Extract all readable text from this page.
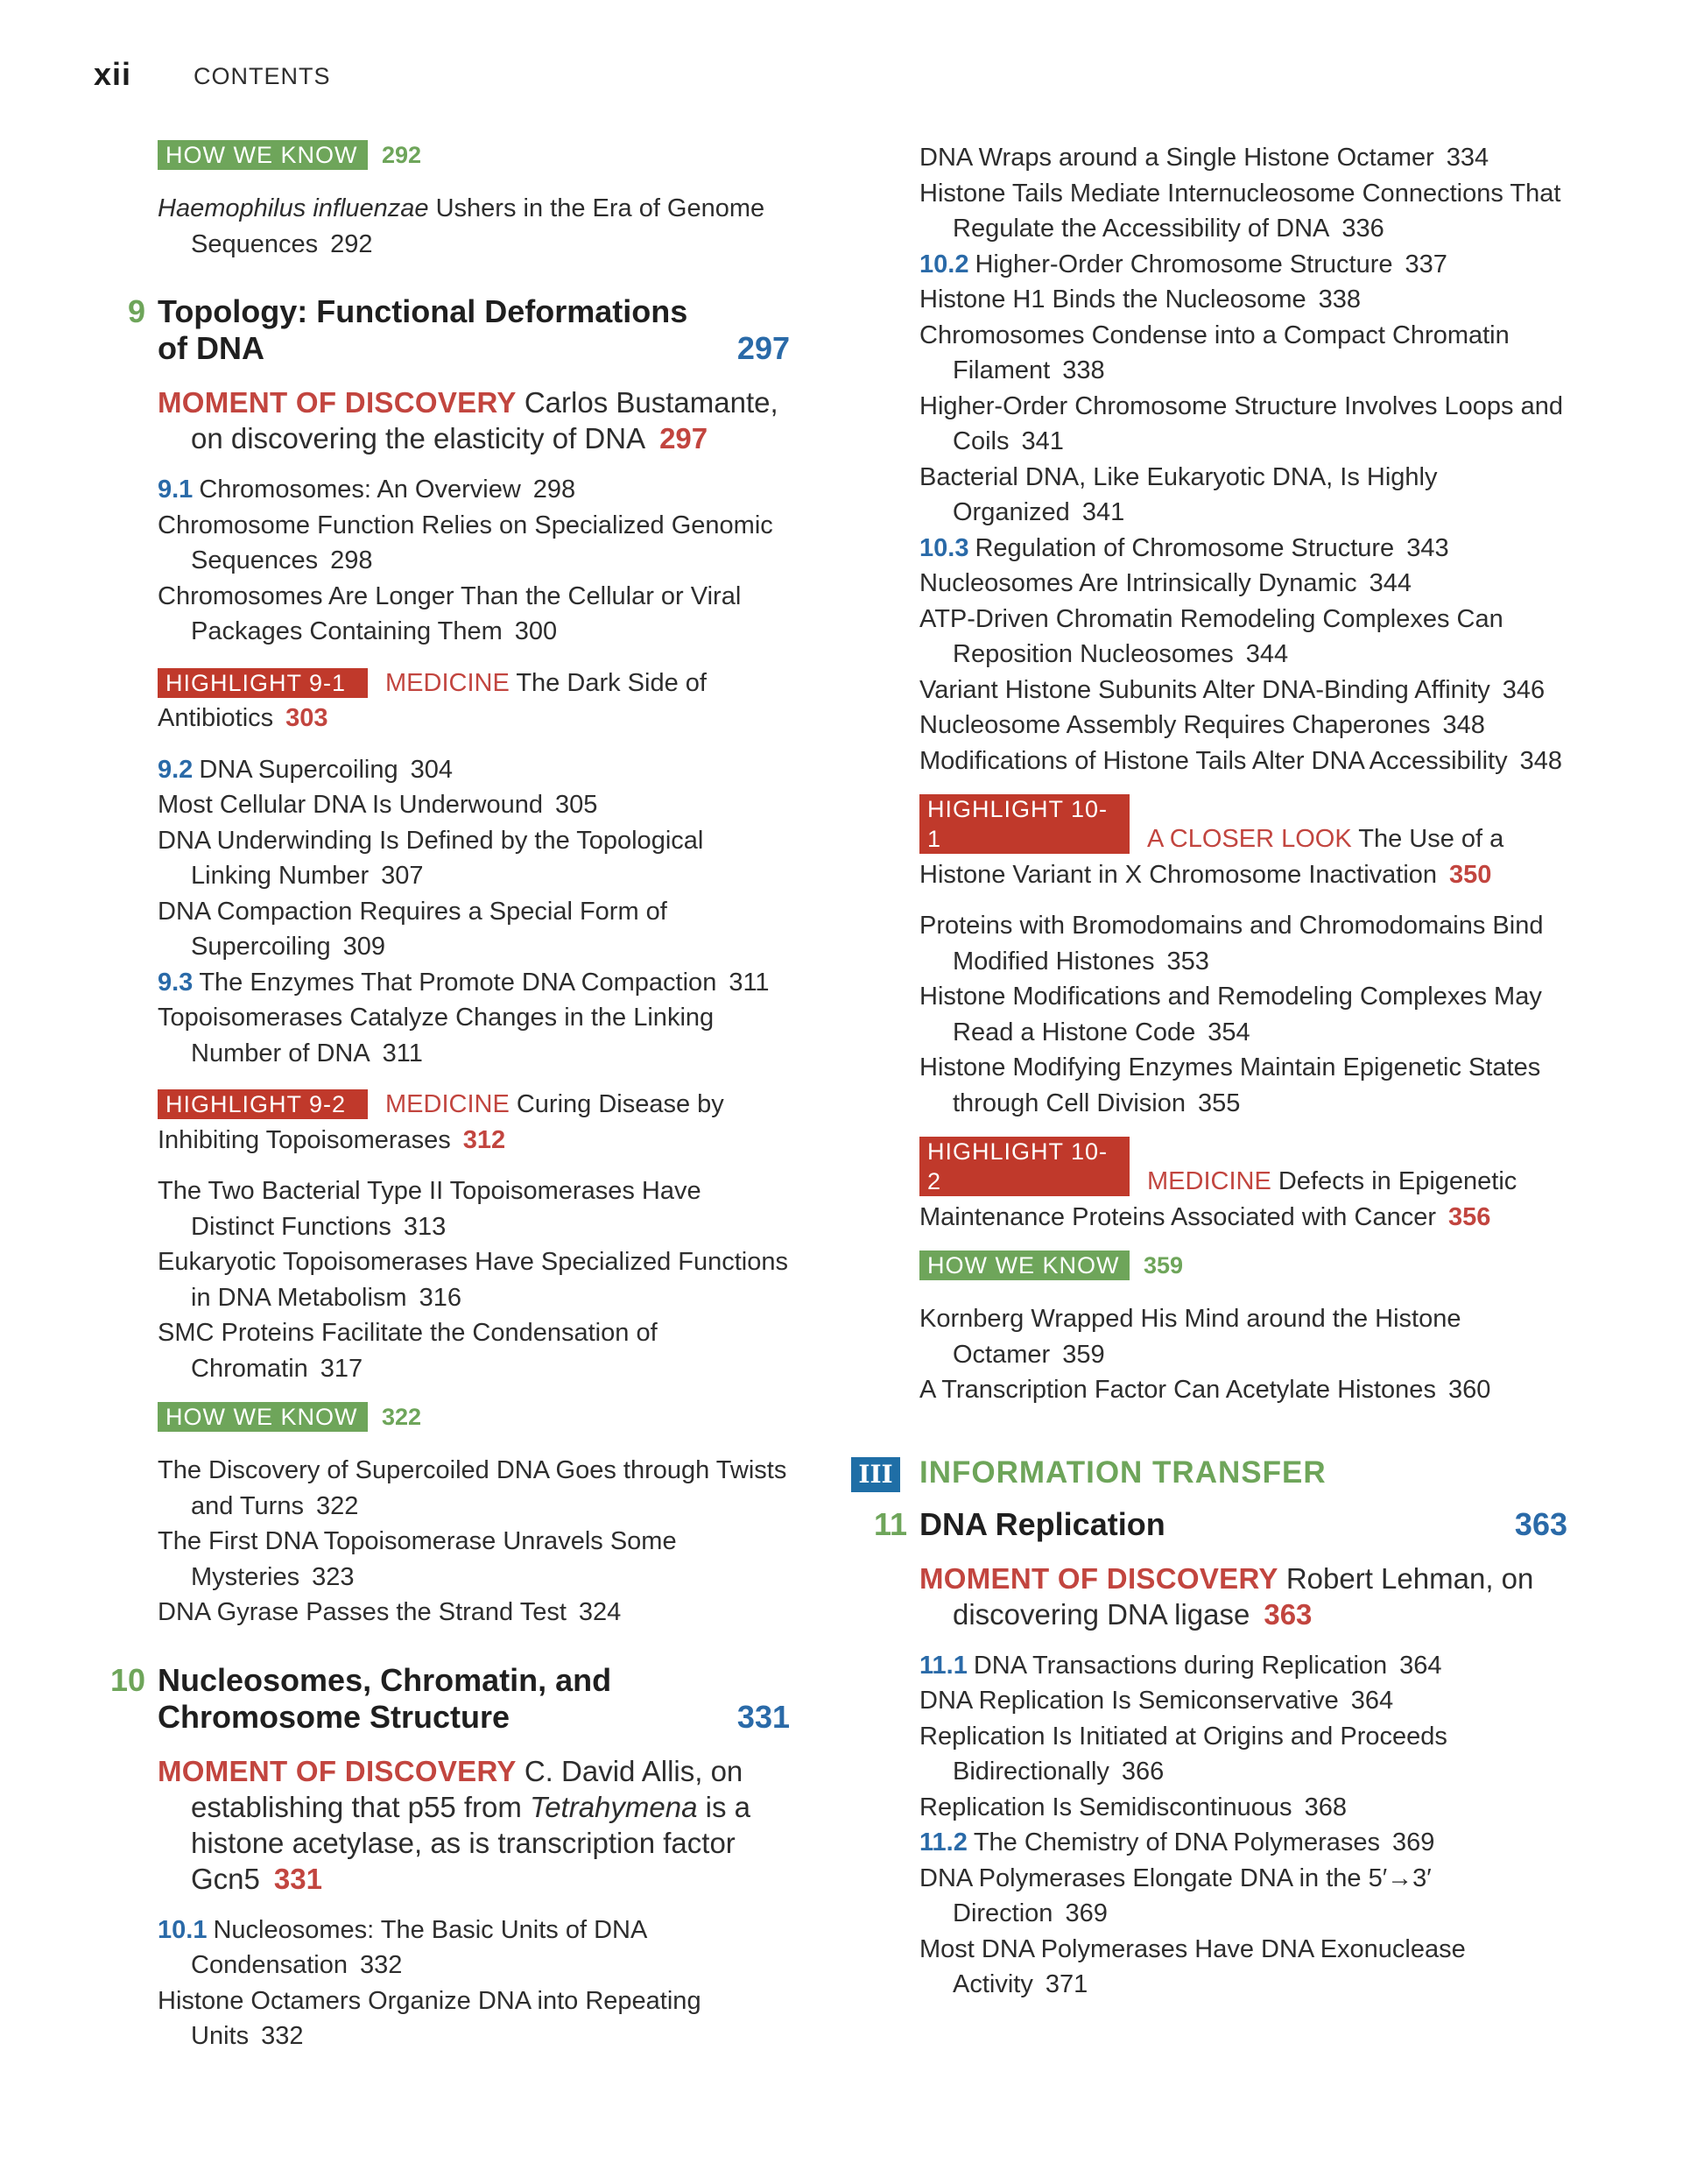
xii	CONTENTS
HOW WE KNOW 292
Haemophilus influenzae Ushers in the Era of Genome Sequences 292
9 Topology: Functional Deformations of DNA	297
MOMENT OF DISCOVERY Carlos Bustamante, on discovering the elasticity of DNA 297
9.1 Chromosomes: An Overview 298
Chromosome Function Relies on Specialized Genomic Sequences 298
Chromosomes Are Longer Than the Cellular or Viral Packages Containing Them 300
HIGHLIGHT 9-1 MEDICINE The Dark Side of Antibiotics 303
9.2 DNA Supercoiling 304
Most Cellular DNA Is Underwound 305
DNA Underwinding Is Defined by the Topological Linking Number 307
DNA Compaction Requires a Special Form of Supercoiling 309
9.3 The Enzymes That Promote DNA Compaction 311
Topoisomerases Catalyze Changes in the Linking Number of DNA 311
HIGHLIGHT 9-2 MEDICINE Curing Disease by Inhibiting Topoisomerases 312
The Two Bacterial Type II Topoisomerases Have Distinct Functions 313
Eukaryotic Topoisomerases Have Specialized Functions in DNA Metabolism 316
SMC Proteins Facilitate the Condensation of Chromatin 317
HOW WE KNOW 322
The Discovery of Supercoiled DNA Goes through Twists and Turns 322
The First DNA Topoisomerase Unravels Some Mysteries 323
DNA Gyrase Passes the Strand Test 324
10 Nucleosomes, Chromatin, and Chromosome Structure	331
MOMENT OF DISCOVERY C. David Allis, on establishing that p55 from Tetrahymena is a histone acetylase, as is transcription factor Gcn5 331
10.1 Nucleosomes: The Basic Units of DNA Condensation 332
Histone Octamers Organize DNA into Repeating Units 332
DNA Wraps around a Single Histone Octamer 334
Histone Tails Mediate Internucleosome Connections That Regulate the Accessibility of DNA 336
10.2 Higher-Order Chromosome Structure 337
Histone H1 Binds the Nucleosome 338
Chromosomes Condense into a Compact Chromatin Filament 338
Higher-Order Chromosome Structure Involves Loops and Coils 341
Bacterial DNA, Like Eukaryotic DNA, Is Highly Organized 341
10.3 Regulation of Chromosome Structure 343
Nucleosomes Are Intrinsically Dynamic 344
ATP-Driven Chromatin Remodeling Complexes Can Reposition Nucleosomes 344
Variant Histone Subunits Alter DNA-Binding Affinity 346
Nucleosome Assembly Requires Chaperones 348
Modifications of Histone Tails Alter DNA Accessibility 348
HIGHLIGHT 10-1	A CLOSER LOOK The Use of a Histone Variant in X Chromosome Inactivation 350
Proteins with Bromodomains and Chromodomains Bind Modified Histones 353
Histone Modifications and Remodeling Complexes May Read a Histone Code 354
Histone Modifying Enzymes Maintain Epigenetic States through Cell Division 355
HIGHLIGHT 10-2	MEDICINE Defects in Epigenetic Maintenance Proteins Associated with Cancer 356
HOW WE KNOW 359
Kornberg Wrapped His Mind around the Histone Octamer 359
A Transcription Factor Can Acetylate Histones 360
III INFORMATION TRANSFER
11 DNA Replication	363
MOMENT OF DISCOVERY Robert Lehman, on discovering DNA ligase 363
11.1 DNA Transactions during Replication 364
DNA Replication Is Semiconservative 364
Replication Is Initiated at Origins and Proceeds Bidirectionally 366
Replication Is Semidiscontinuous 368
11.2 The Chemistry of DNA Polymerases 369
DNA Polymerases Elongate DNA in the 5′→3′ Direction 369
Most DNA Polymerases Have DNA Exonuclease Activity 371
